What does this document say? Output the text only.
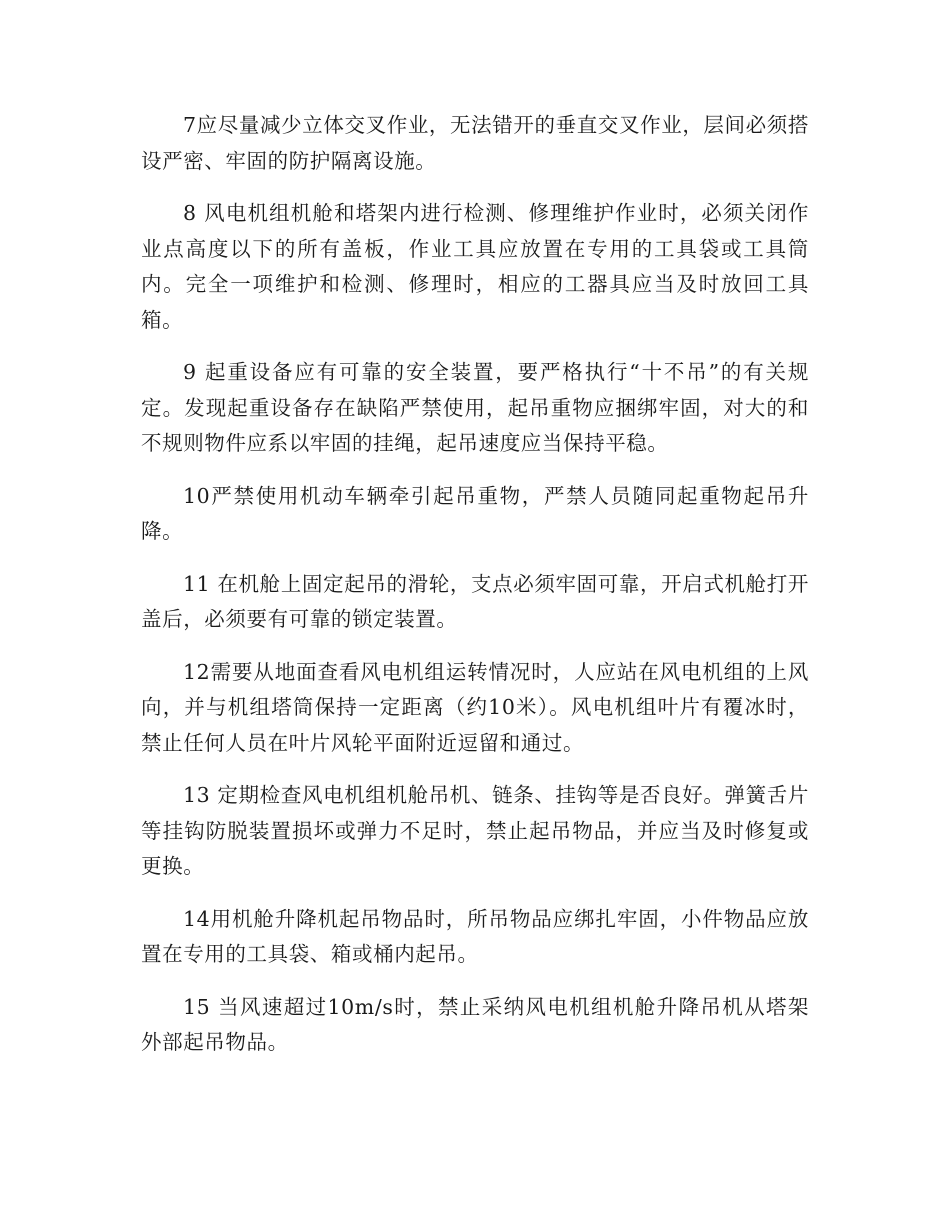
7应尽量减少立体交叉作业，无法错开的垂直交叉作业，层间必须搭设严密、牢固的防护隔离设施。

8 风电机组机舱和塔架内进行检测、修理维护作业时，必须关闭作业点高度以下的所有盖板，作业工具应放置在专用的工具袋或工具筒内。完全一项维护和检测、修理时，相应的工器具应当及时放回工具箱。

9 起重设备应有可靠的安全装置，要严格执行“十不吊”的有关规定。发现起重设备存在缺陷严禁使用，起吊重物应捆绑牢固，对大的和不规则物件应系以牢固的挂绳，起吊速度应当保持平稳。

10严禁使用机动车辆牵引起吊重物，严禁人员随同起重物起吊升降。

11 在机舱上固定起吊的滑轮，支点必须牢固可靠，开启式机舱打开盖后，必须要有可靠的锁定装置。

12需要从地面查看风电机组运转情况时，人应站在风电机组的上风向，并与机组塔筒保持一定距离（约10米）。风电机组叶片有覆冰时，禁止任何人员在叶片风轮平面附近逗留和通过。

13 定期检查风电机组机舱吊机、链条、挂钩等是否良好。弹簧舌片等挂钩防脱装置损坏或弹力不足时，禁止起吊物品，并应当及时修复或更换。

14用机舱升降机起吊物品时，所吊物品应绑扎牢固，小件物品应放置在专用的工具袋、箱或桶内起吊。

15 当风速超过10m/s时，禁止采纳风电机组机舱升降吊机从塔架外部起吊物品。
